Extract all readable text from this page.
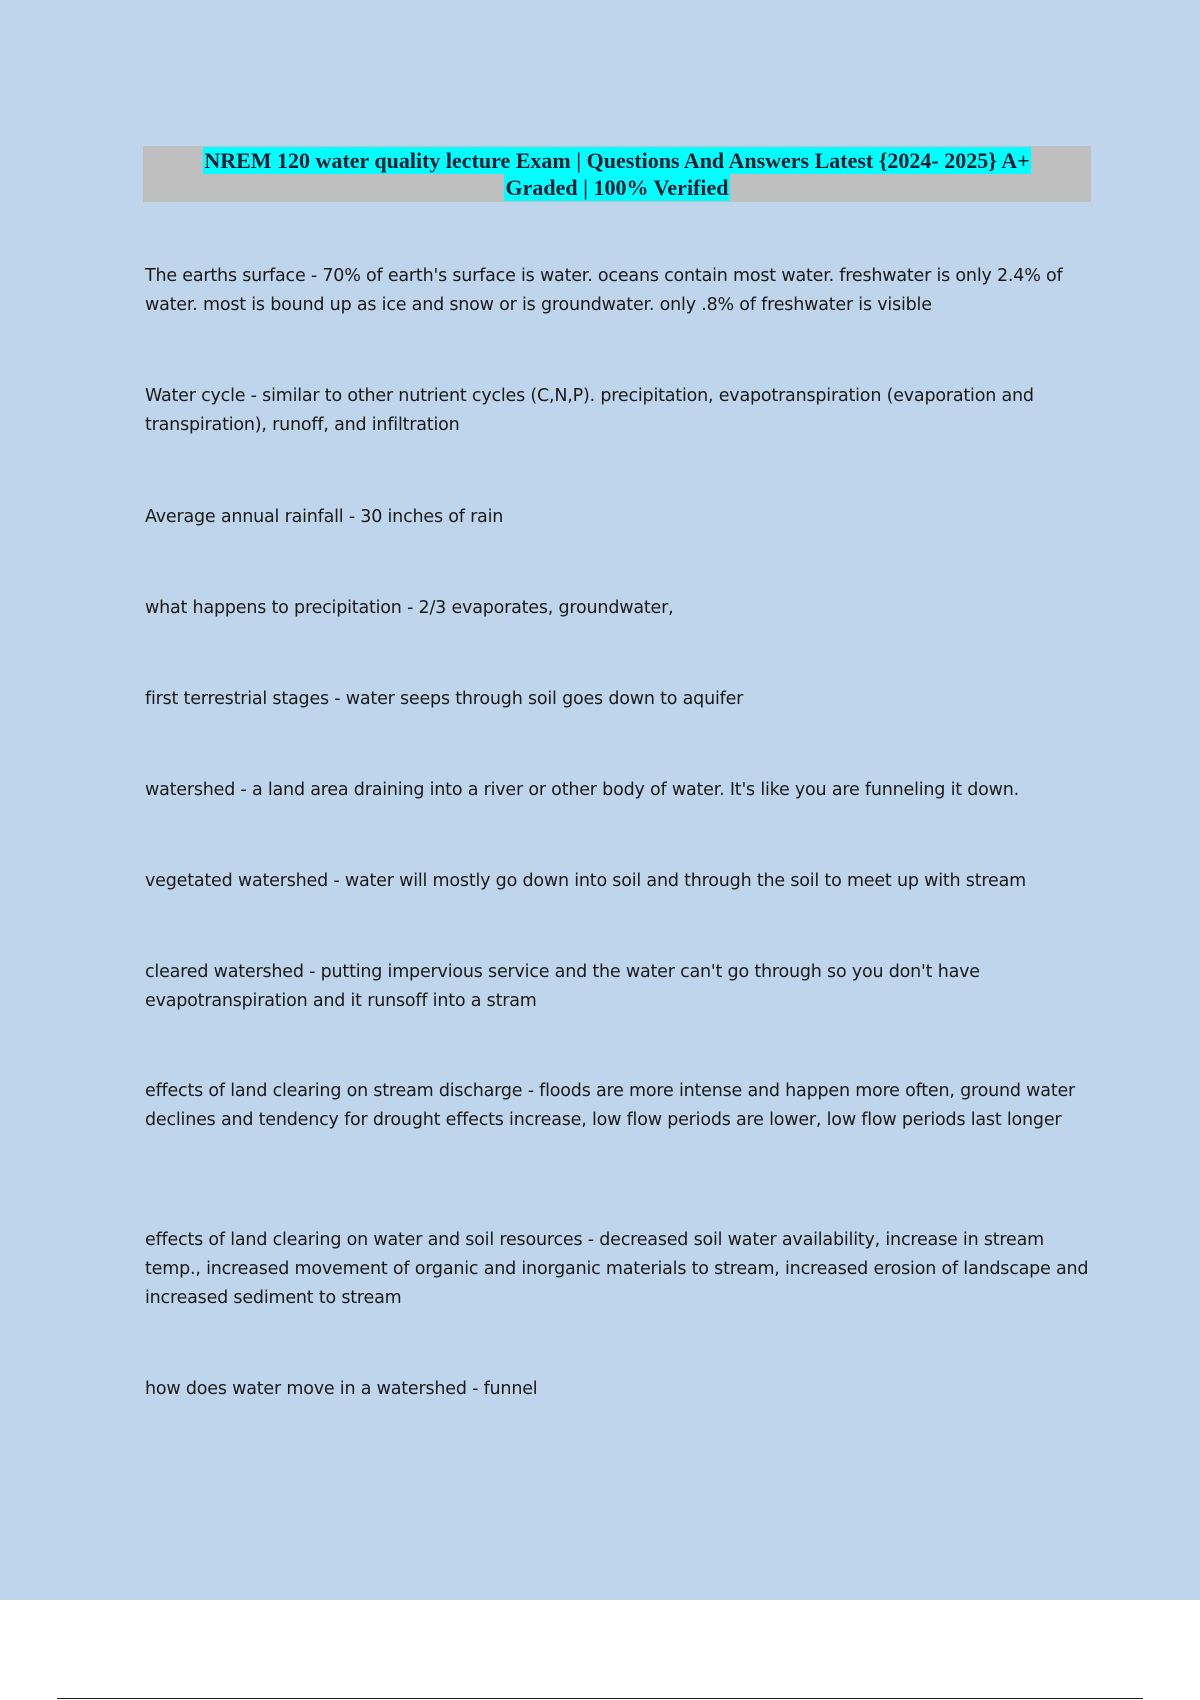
NREM 120 water quality lecture Exam | Questions And Answers Latest {2024- 2025} A+
Graded | 100% Verified
The earths surface - 70% of earth's surface is water. oceans contain most water. freshwater is only 2.4% of water. most is bound up as ice and snow or is groundwater. only .8% of freshwater is visible
Water cycle - similar to other nutrient cycles (C,N,P). precipitation, evapotranspiration (evaporation and transpiration), runoff, and infiltration
Average annual rainfall - 30 inches of rain
what happens to precipitation - 2/3 evaporates, groundwater,
first terrestrial stages - water seeps through soil goes down to aquifer
watershed - a land area draining into a river or other body of water. It's like you are funneling it down.
vegetated watershed - water will mostly go down into soil and through the soil to meet up with stream
cleared watershed - putting impervious service and the water can't go through so you don't have evapotranspiration and it runsoff into a stram
effects of land clearing on stream discharge - floods are more intense and happen more often, ground water declines and tendency for drought effects increase, low flow periods are lower, low flow periods last longer
effects of land clearing on water and soil resources - decreased soil water availability, increase in stream temp., increased movement of organic and inorganic materials to stream, increased erosion of landscape and increased sediment to stream
how does water move in a watershed - funnel
